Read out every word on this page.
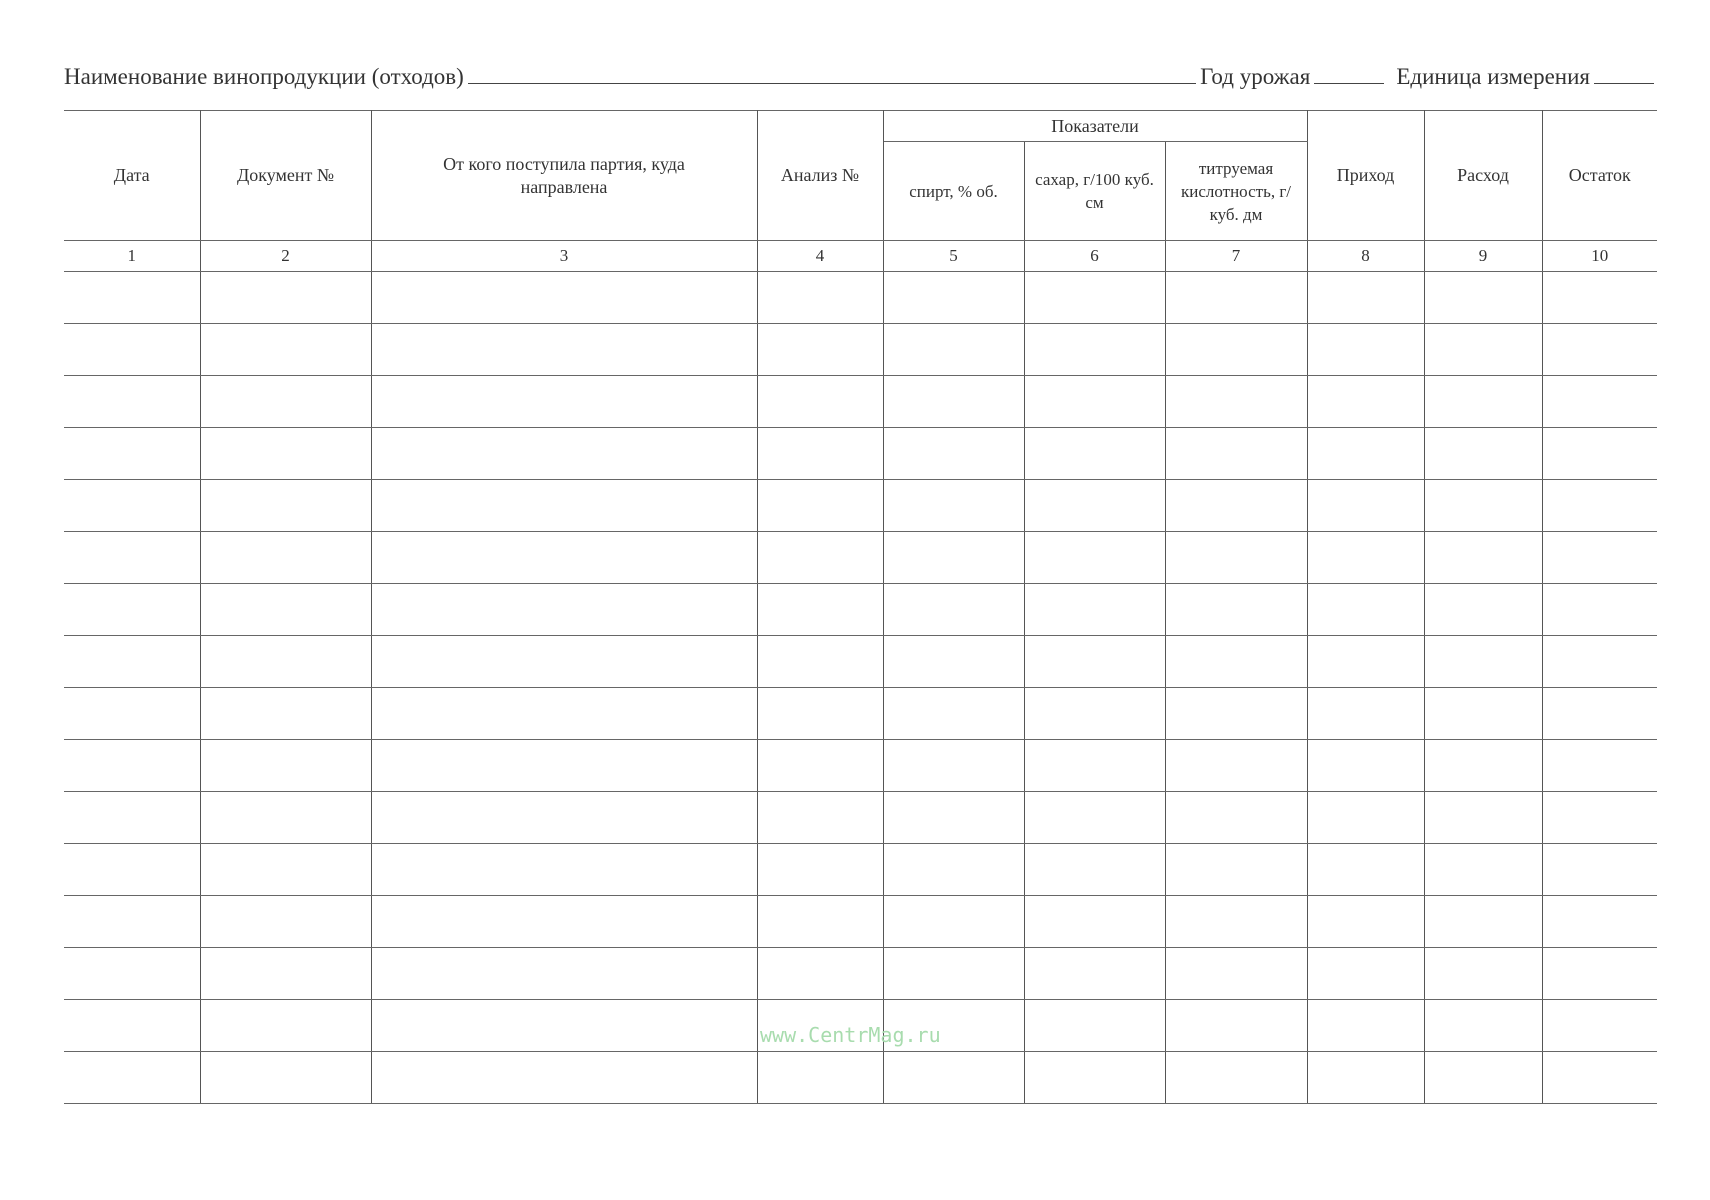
Наименование винопродукции (отходов)	Год урожая	Единица измерения
Дата	Документ №	От кого поступила партия, куда направлена	Анализ №	Показатели			Приход	Расход	Остаток
				спирт, % об.	сахар, г/100 куб. см	титруемая кислотность, г/куб. дм			

1	2	3	4	5	6	7	8	9	10

www.CentrMag.ru
